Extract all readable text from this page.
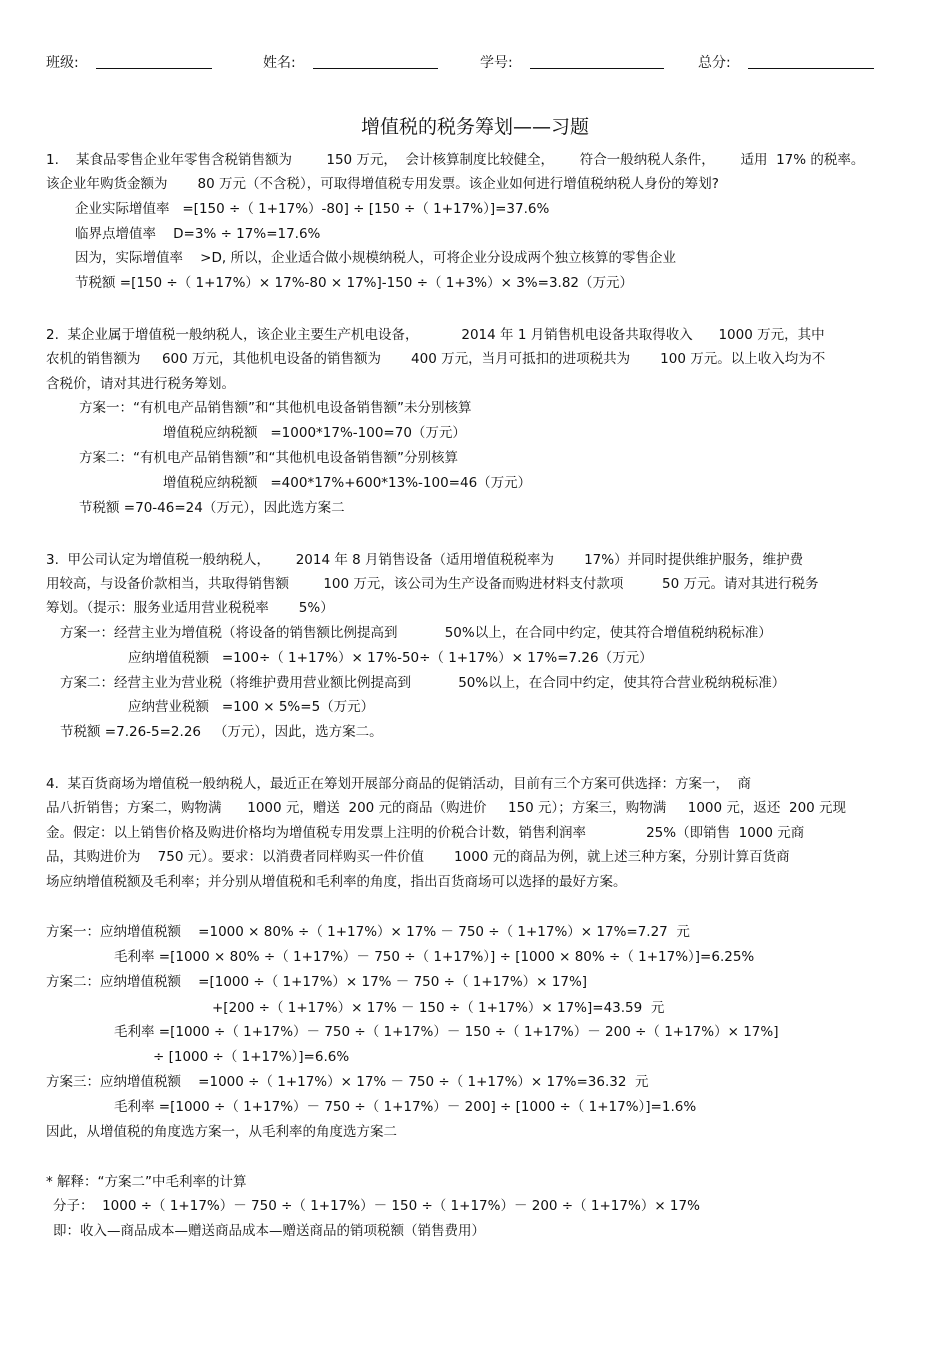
班级:	姓名:	学号:	总分:
增值税的税务筹划——习题
1.    某食品零售企业年零售含税销售额为        150 万元，  会计核算制度比较健全，      符合一般纳税人条件，      适用  17% 的税率。
该企业年购货金额为       80 万元（不含税），可取得增值税专用发票。该企业如何进行增值税纳税人身份的筹划?
企业实际增值率   =[150 ÷（ 1+17%）-80] ÷ [150 ÷（ 1+17%）]=37.6%
临界点增值率    D=3% ÷ 17%=17.6%
因为，实际增值率    >D, 所以，企业适合做小规模纳税人，可将企业分设成两个独立核算的零售企业
节税额 =[150 ÷（ 1+17%）× 17%-80 × 17%]-150 ÷（ 1+3%）× 3%=3.82（万元）
2.  某企业属于增值税一般纳税人，该企业主要生产机电设备，          2014 年 1 月销售机电设备共取得收入      1000 万元，其中
农机的销售额为     600 万元，其他机电设备的销售额为       400 万元，当月可抵扣的进项税共为       100 万元。以上收入均为不
含税价，请对其进行税务筹划。
方案一：“有机电产品销售额”和“其他机电设备销售额”未分别核算
增值税应纳税额   =1000*17%-100=70（万元）
方案二：“有机电产品销售额”和“其他机电设备销售额”分别核算
增值税应纳税额   =400*17%+600*13%-100=46（万元）
节税额 =70-46=24（万元），因此选方案二
3.  甲公司认定为增值税一般纳税人，      2014 年 8 月销售设备（适用增值税税率为       17%）并同时提供维护服务，维护费
用较高，与设备价款相当，共取得销售额        100 万元，该公司为生产设备而购进材料支付款项         50 万元。请对其进行税务
筹划。（提示：服务业适用营业税税率       5%）
方案一：经营主业为增值税（将设备的销售额比例提高到           50%以上，在合同中约定，使其符合增值税纳税标准）
应纳增值税额   =100÷（ 1+17%）× 17%-50÷（ 1+17%）× 17%=7.26（万元）
方案二：经营主业为营业税（将维护费用营业额比例提高到           50%以上，在合同中约定，使其符合营业税纳税标准）
应纳营业税额   =100 × 5%=5（万元）
节税额 =7.26-5=2.26   （万元），因此，选方案二。
4.  某百货商场为增值税一般纳税人，最近正在筹划开展部分商品的促销活动，目前有三个方案可供选择：方案一，  商
品八折销售；方案二，购物满      1000 元，赠送  200 元的商品（购进价     150 元）；方案三，购物满     1000 元，返还  200 元现
金。假定：以上销售价格及购进价格均为增值税专用发票上注明的价税合计数，销售利润率              25%（即销售  1000 元商
品，其购进价为    750 元）。要求：以消费者同样购买一件价值       1000 元的商品为例，就上述三种方案，分别计算百货商
场应纳增值税额及毛利率；并分别从增值税和毛利率的角度，指出百货商场可以选择的最好方案。
方案一：应纳增值税额    =1000 × 80% ÷（ 1+17%）× 17% － 750 ÷（ 1+17%）× 17%=7.27  元
毛利率 =[1000 × 80% ÷（ 1+17%）－ 750 ÷（ 1+17%）] ÷ [1000 × 80% ÷（ 1+17%）]=6.25%
方案二：应纳增值税额    =[1000 ÷（ 1+17%）× 17% － 750 ÷（ 1+17%）× 17%]
+[200 ÷（ 1+17%）× 17% － 150 ÷（ 1+17%）× 17%]=43.59  元
毛利率 =[1000 ÷（ 1+17%）－ 750 ÷（ 1+17%）－ 150 ÷（ 1+17%）－ 200 ÷（ 1+17%）× 17%]
÷ [1000 ÷（ 1+17%）]=6.6%
方案三：应纳增值税额    =1000 ÷（ 1+17%）× 17% － 750 ÷（ 1+17%）× 17%=36.32  元
毛利率 =[1000 ÷（ 1+17%）－ 750 ÷（ 1+17%）－ 200] ÷ [1000 ÷（ 1+17%）]=1.6%
因此，从增值税的角度选方案一，从毛利率的角度选方案二
* 解释：“方案二”中毛利率的计算
分子：  1000 ÷（ 1+17%）－ 750 ÷（ 1+17%）－ 150 ÷（ 1+17%）－ 200 ÷（ 1+17%）× 17%
即：收入—商品成本—赠送商品成本—赠送商品的销项税额（销售费用）
